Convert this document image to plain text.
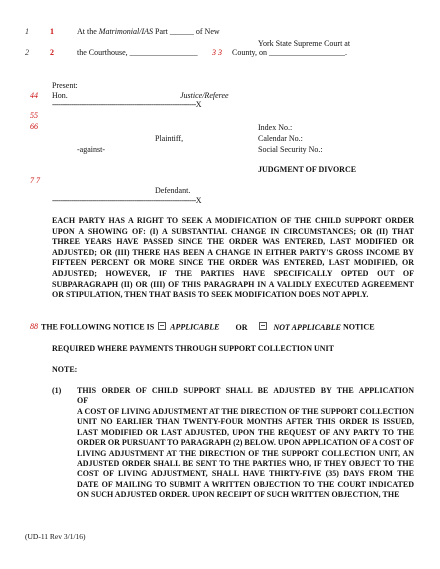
1	1	At the Matrimonial/IAS Part ______ of New
York State Supreme Court at
2	2	the Courthouse, _________________ 3 3 County, on ___________________.
Present:
44 Hon.	Justice/Referee
--------------------------------------------------------------------X
55
66	Index No.:
Plaintiff,	Calendar No.:
-against-	Social Security No.:
JUDGMENT OF DIVORCE
7 7
Defendant.
--------------------------------------------------------------------X
EACH PARTY HAS A RIGHT TO SEEK A MODIFICATION OF THE CHILD SUPPORT ORDER UPON A SHOWING OF: (I) A SUBSTANTIAL CHANGE IN CIRCUMSTANCES; OR (II) THAT THREE YEARS HAVE PASSED SINCE THE ORDER WAS ENTERED, LAST MODIFIED OR ADJUSTED; OR (III) THERE HAS BEEN A CHANGE IN EITHER PARTY'S GROSS INCOME BY FIFTEEN PERCENT OR MORE SINCE THE ORDER WAS ENTERED, LAST MODIFIED, OR ADJUSTED; HOWEVER, IF THE PARTIES HAVE SPECIFICALLY OPTED OUT OF SUBPARAGRAPH (II) OR (III) OF THIS PARAGRAPH IN A VALIDLY EXECUTED AGREEMENT OR STIPULATION, THEN THAT BASIS TO SEEK MODIFICATION DOES NOT APPLY.
88 THE FOLLOWING NOTICE IS APPLICABLE OR	NOT APPLICABLE NOTICE
REQUIRED WHERE PAYMENTS THROUGH SUPPORT COLLECTION UNIT
NOTE:
(1) THIS ORDER OF CHILD SUPPORT SHALL BE ADJUSTED BY THE APPLICATION
OF
A COST OF LIVING ADJUSTMENT AT THE DIRECTION OF THE SUPPORT COLLECTION UNIT NO EARLIER THAN TWENTY-FOUR MONTHS AFTER THIS ORDER IS ISSUED, LAST MODIFIED OR LAST ADJUSTED, UPON THE REQUEST OF ANY PARTY TO THE ORDER OR PURSUANT TO PARAGRAPH (2) BELOW. UPON APPLICATION OF A COST OF LIVING ADJUSTMENT AT THE DIRECTION OF THE SUPPORT COLLECTION UNIT, AN ADJUSTED ORDER SHALL BE SENT TO THE PARTIES WHO, IF THEY OBJECT TO THE COST OF LIVING ADJUSTMENT, SHALL HAVE THIRTY-FIVE (35) DAYS FROM THE DATE OF MAILING TO SUBMIT A WRITTEN OBJECTION TO THE COURT INDICATED ON SUCH ADJUSTED ORDER. UPON RECEIPT OF SUCH WRITTEN OBJECTION, THE
(UD-11 Rev 3/1/16)
